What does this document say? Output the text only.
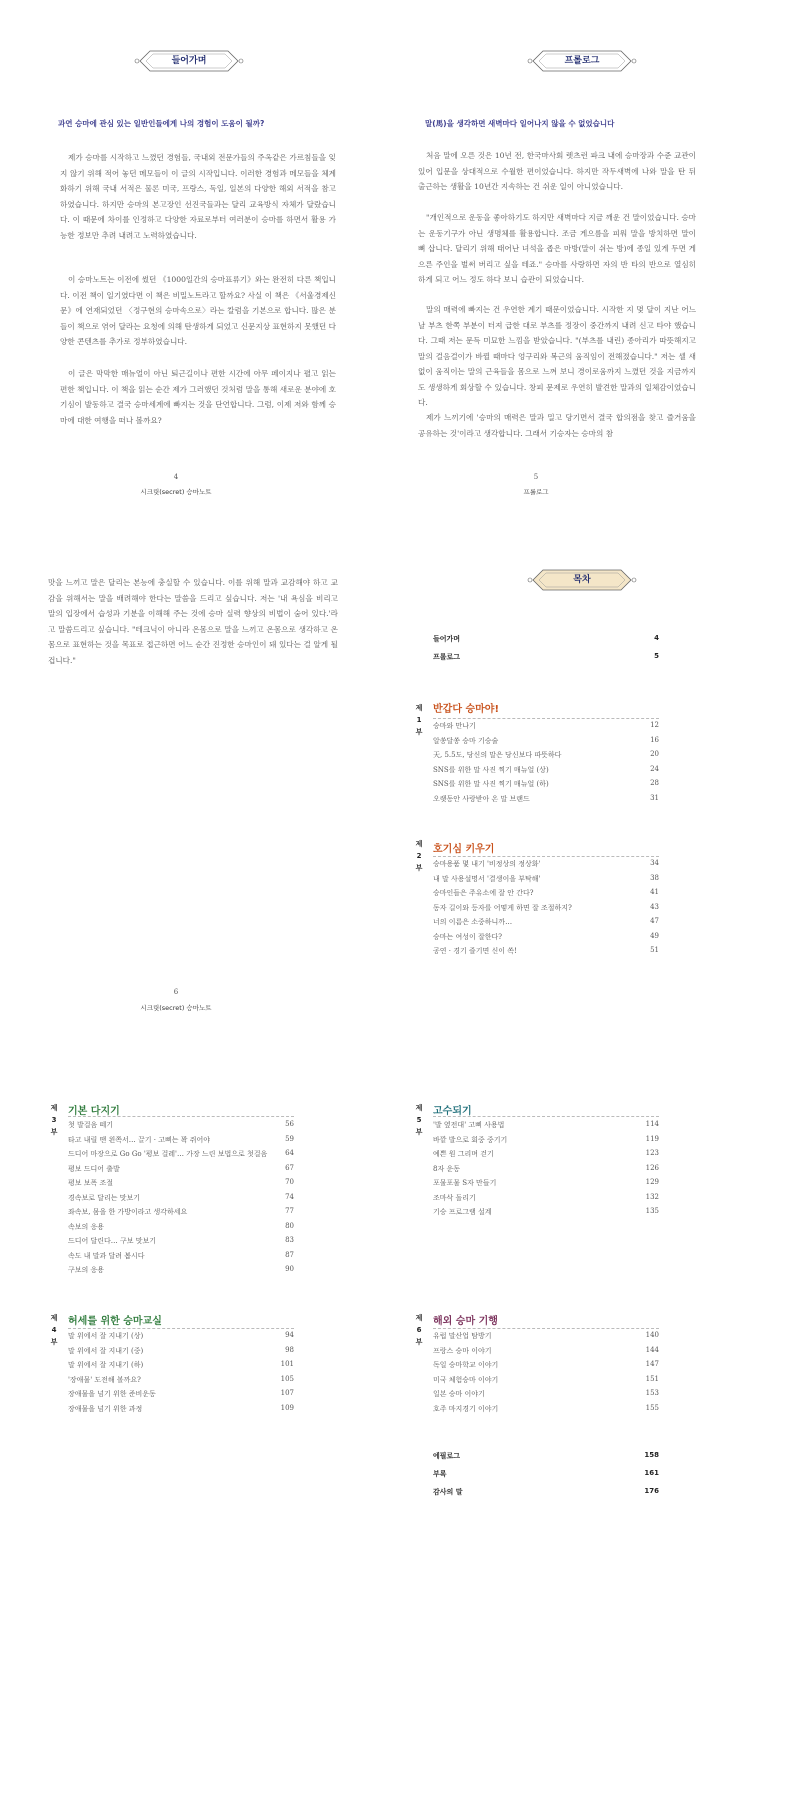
들어가며
과연 승마에 관심 있는 일반인들에게 나의 경험이 도움이 될까?

제가 승마를 시작하고 느꼈던 경험들, 국내외 전문가들의 주옥같은 가르침들을 잊지 않기 위해 적어 놓던 메모들이 이 글의 시작입니다. 이러한 경험과 메모들을 체계화하기 위해 국내 서적은 물론 미국, 프랑스, 독일, 일본의 다양한 해외 서적을 참고하였습니다. 하지만 승마의 본고장인 선진국들과는 달리 교육방식 자체가 달랐습니다. 이 때문에 차이를 인정하고 다양한 자료로부터 여러분이 승마를 하면서 활용 가능한 정보만 추려 내려고 노력하였습니다.

이 승마노트는 이전에 썼던 《1000일간의 승마표류기》와는 완전히 다른 책입니다. 이전 책이 일기였다면 이 책은 비밀노트라고 할까요? 사실 이 책은 《서울경제신문》에 연재되었던 〈정구현의 승마속으로〉라는 칼럼을 기본으로 합니다. 많은 분들이 책으로 엮어 달라는 요청에 의해 탄생하게 되었고 신문지상 표현하지 못했던 다양한 콘텐츠를 추가로 정부하였습니다.

이 글은 막막한 매뉴얼이 아닌 퇴근길이나 편한 시간에 아무 페이지나 펼고 읽는 편한 책입니다. 이 책을 읽는 순간 제가 그러했던 것처럼 말을 통해 새로운 분야에 호기심이 발동하고 결국 승마세계에 빠지는 것을 단언합니다. 그럼, 이제 저와 함께 승마에 대한 여행을 떠나 볼까요?

4
시크릿(secret) 승마노트
프롤로그
말(馬)을 생각하면 새벽마다 일어나지 않을 수 없었습니다

처음 말에 오른 것은 10년 전, 한국마사회 렛츠런 파크 내에 승마장과 수준 교관이 있어 입문을 상대적으로 수월한 편이었습니다. 하지만 작두새벽에 나와 말을 탄 뒤 출근하는 생활을 10년간 지속하는 건 쉬운 일이 아니었습니다.

"개인적으로 운동을 좋아하기도 하지만 새벽마다 지금 깨운 건 말이었습니다. 승마는 운동기구가 아닌 생명체를 활용합니다. 조금 게으름을 피워 말을 방치하면 말이 뼈 삽니다. 달리기 위해 태어난 녀석을 좁은 마방(말이 쉬는 방)에 종일 있게 두면 게으른 주인을 벌써 버리고 싶을 테죠." 승마를 사랑하면 자의 반 타의 반으로 열심히 하게 되고 어느 정도 하다 보니 습관이 되었습니다.

말의 매력에 빠지는 건 우연한 계기 때문이었습니다. 시작한 지 몇 달이 지난 어느 날 부츠 한쪽 부분이 터져 급한 대로 부츠를 정장이 중간까지 내려 신고 타야 했습니다. 그때 저는 문득 미묘한 느낌을 받았습니다. "(부츠를 내린) 종아리가 따뜻해지고 말의 걸음걸이가 바뀔 때마다 엉구리와 복근의 움직임이 전해졌습니다." 저는 셀 새 없이 움직이는 말의 근육들을 몸으로 느껴 보니 경이로움까지 느꼈던 것을 지금까지도 생생하게 회상할 수 있습니다. 창피 문제로 우연히 발견한 말과의 일체감이었습니다.

제가 느끼기에 '승마의 매력은 말과 밀고 당기면서 결국 합의점을 찾고 즐거움을 공유하는 것'이라고 생각합니다. 그래서 기승자는 승마의 참

5
프롤로그

맛을 느끼고 말은 달리는 본능에 충실할 수 있습니다. 이를 위해 말과 교감해야 하고 교감을 위해서는 말을 배려해야 한다는 말씀을 드리고 싶습니다. 저는 '내 욕심을 비리고 말의 입장에서 습성과 기분을 이해해 주는 것에 승마 실력 향상의 비법이 숨어 있다.'라고 말씀드리고 싶습니다. "테크닉이 아니라 온몸으로 말을 느끼고 온몸으로 생각하고 온몸으로 표현하는 것을 목표로 접근하면 어느 순간 진정한 승마인이 돼 있다는 걸 알게 될 겁니다."

6
시크릿(secret) 승마노트
목차
들어가며	4
프롤로그	5
제
1
부
반갑다 승마야!
승마와 만나기	12
알쏭달쏭 승마 기승술	16
天, 5.5도, 당신의 말은 당신보다 따뜻하다	20
SNS를 위한 말 사진 찍기 매뉴얼 (상)	24
SNS를 위한 말 사진 찍기 매뉴얼 (하)	28
오랫동안 사랑받아 온 말 브랜드	31
제
2
부
호기심 키우기
승마용품 몇 내기 '비정상의 정상화'	34
내 말 사용설명서 '결생이을 부탁해'	38
승마인들은 주유소에 잘 안 간다?	41
동자 길이와 등자를 어떻게 하면 잘 조절하지?	43
너의 이름은 소중하니까…	47
승마는 여성이 잘한다?	49
공연 · 경기 즐기면 신이 쏙!	51
제
3
부
기본 다지기
첫 발걸음 떼기	56
타고 내릴 땐 왼쪽서… 끌기 · 고삐는 꽉 쥐어야	59
드디어 마장으로 Go Go '평보 걸레'… 가장 느린 보법으로 첫걸음	64
평보 드디어 출발	67
평보 보폭 조절	70
경속보로 달리는 맛보기	74
좌속보, 몸을 한 가방이라고 생각하세요	77
속보의 응용	80
드디어 달린다… 구보 맛보기	83
속도 내 말과 달려 봅시다	87
구보의 응용	90
제
4
부
허세를 위한 승마교실
말 위에서 잘 지내기 (상)	94
말 위에서 잘 지내기 (중)	98
말 위에서 잘 지내기 (하)	101
'장애물' 도전해 볼까요?	105
장애물을 넘기 위한 준비운동	107
장애물을 넘기 위한 과정	109
제
5
부
고수되기
'발 옆전대' 고삐 사용법	114
바깥 발으로 회중 중기기	119
예쁜 원 그리며 걷기	123
8자 운동	126
포물포물 S자 만들기	129
조마삭 돌리기	132
기승 프로그램 설계	135
제
6
부
해외 승마 기행
유럽 말산업 탐방기	140
프랑스 승마 이야기	144
독일 승마학교 이야기	147
미국 체험승마 이야기	151
일본 승마 이야기	153
호주 마지경기 이야기	155
에필로그	158
부록	161
감사의 말	176
